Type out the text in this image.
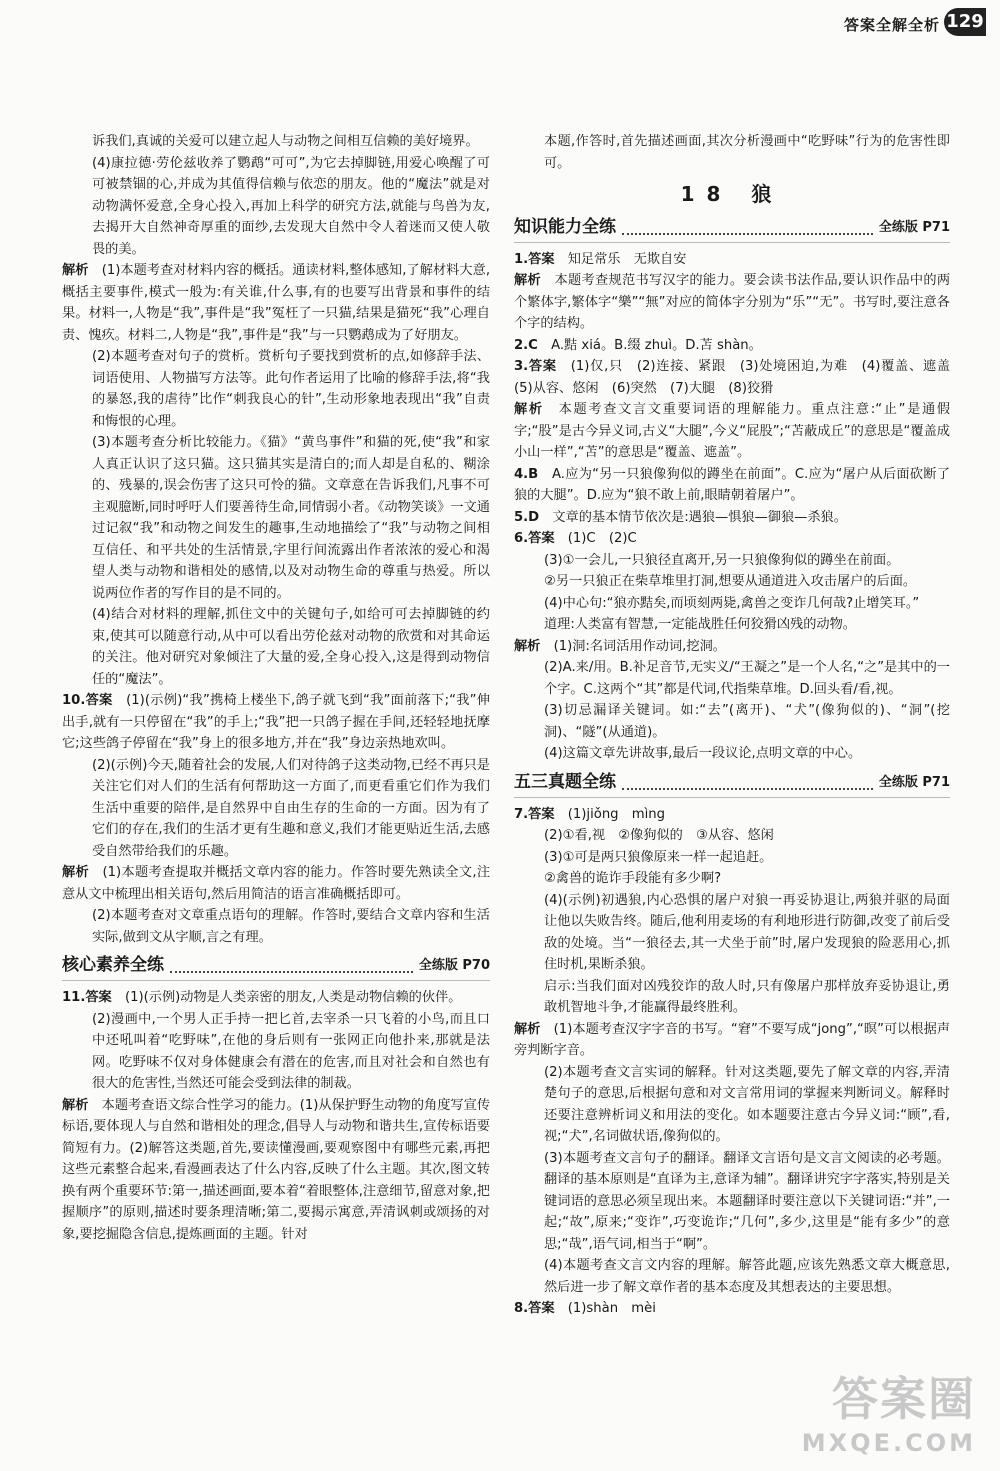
答案全解全析 129

诉我们,真诚的关爱可以建立起人与动物之间相互信赖的美好境界。

(4)康拉德·劳伦兹收养了鹦鹉“可可”,为它去掉脚链,用爱心唤醒了可可被禁锢的心,并成为其值得信赖与依恋的朋友。他的“魔法”就是对动物满怀爱意,全身心投入,再加上科学的研究方法,就能与鸟兽为友,去揭开大自然神奇厚重的面纱,去发现大自然中令人着迷而又使人敬畏的美。

解析　 (1)本题考查对材料内容的概括。通读材料,整体感知,了解材料大意,概括主要事件,模式一般为:有关谁,什么事,有的也要写出背景和事件的结果。材料一,人物是“我”,事件是“我”冤枉了一只猫,结果是猫死“我”心理自责、愧疚。材料二,人物是“我”,事件是“我”与一只鹦鹉成为了好朋友。

(2)本题考查对句子的赏析。赏析句子要找到赏析的点,如修辞手法、词语使用、人物描写方法等。此句作者运用了比喻的修辞手法,将“我的暴怒,我的虐待”比作“刺我良心的针”,生动形象地表现出“我”自责和悔恨的心理。

(3)本题考查分析比较能力。《猫》“黄鸟事件”和猫的死,使“我”和家人真正认识了这只猫。这只猫其实是清白的;而人却是自私的、糊涂的、残暴的,误会伤害了这只可怜的猫。文章意在告诉我们,凡事不可主观臆断,同时呼吁人们要善待生命,同情弱小者。《动物笑谈》一文通过记叙“我”和动物之间发生的趣事,生动地描绘了“我”与动物之间相互信任、和平共处的生活情景,字里行间流露出作者浓浓的爱心和渴望人类与动物和谐相处的感情,以及对动物生命的尊重与热爱。所以说两位作者的写作目的是不同的。

(4)结合对材料的理解,抓住文中的关键句子,如给可可去掉脚链的约束,使其可以随意行动,从中可以看出劳伦兹对动物的欣赏和对其命运的关注。他对研究对象倾注了大量的爱,全身心投入,这是得到动物信任的“魔法”。

10.答案　 (1)(示例)“我”携椅上楼坐下,鸽子就飞到“我”面前落下;“我”伸出手,就有一只停留在“我”的手上;“我”把一只鸽子握在手间,还轻轻地抚摩它;这些鸽子停留在“我”身上的很多地方,并在“我”身边亲热地欢叫。

(2)(示例)今天,随着社会的发展,人们对待鸽子这类动物,已经不再只是关注它们对人们的生活有何帮助这一方面了,而更看重它们作为我们生活中重要的陪伴,是自然界中自由生存的生命的一方面。因为有了它们的存在,我们的生活才更有生趣和意义,我们才能更贴近生活,去感受自然带给我们的乐趣。

解析　 (1)本题考查提取并概括文章内容的能力。作答时要先熟读全文,注意从文中梳理出相关语句,然后用简洁的语言准确概括即可。

(2)本题考查对文章重点语句的理解。作答时,要结合文章内容和生活实际,做到文从字顺,言之有理。

核心素养全练	全练版 P70

11.答案　 (1)(示例)动物是人类亲密的朋友,人类是动物信赖的伙伴。

(2)漫画中,一个男人正手持一把匕首,去宰杀一只飞着的小鸟,而且口中还吼叫着“吃野味”,在他的身后则有一张网正向他扑来,那就是法网。吃野味不仅对身体健康会有潜在的危害,而且对社会和自然也有很大的危害性,当然还可能会受到法律的制裁。

解析　 本题考查语文综合性学习的能力。(1)从保护野生动物的角度写宣传标语,要体现人与自然和谐相处的理念,倡导人与动物和谐共生,宣传标语要简短有力。(2)解答这类题,首先,要读懂漫画,要观察图中有哪些元素,再把这些元素整合起来,看漫画表达了什么内容,反映了什么主题。其次,图文转换有两个重要环节:第一,描述画面,要本着“着眼整体,注意细节,留意对象,把握顺序”的原则,描述时要条理清晰;第二,要揭示寓意,弄清讽刺或颂扬的对象,要挖掘隐含信息,提炼画面的主题。针对

本题,作答时,首先描述画面,其次分析漫画中“吃野味”行为的危害性即可。

18 狼
知识能力全练	全练版 P71

1.答案　 知足常乐　无欺自安

解析　 本题考查规范书写汉字的能力。要会读书法作品,要认识作品中的两个繁体字,繁体字“樂”“無”对应的简体字分别为“乐”“无”。书写时,要注意各个字的结构。

2.C　 A.黠 xiá。B.缀 zhuì。D.苫 shàn。

3.答案　 (1)仅,只　(2)连接、紧跟　(3)处境困迫,为难　(4)覆盖、遮盖　(5)从容、悠闲　(6)突然　(7)大腿　(8)狡猾

解析　 本题考查文言文重要词语的理解能力。重点注意:“止”是通假字;“股”是古今异义词,古义“大腿”,今义“屁股”;“苫蔽成丘”的意思是“覆盖成小山一样”,“苫”的意思是“覆盖、遮盖”。

4.B　 A.应为“另一只狼像狗似的蹲坐在前面”。C.应为“屠户从后面砍断了狼的大腿”。D.应为“狼不敢上前,眼睛朝着屠户”。

5.D　 文章的基本情节依次是:遇狼—惧狼—御狼—杀狼。

6.答案　 (1)C　(2)C

(3)①一会儿,一只狼径直离开,另一只狼像狗似的蹲坐在前面。

②另一只狼正在柴草堆里打洞,想要从通道进入攻击屠户的后面。

(4)中心句:“狼亦黠矣,而顷刻两毙,禽兽之变诈几何哉?止增笑耳。”

道理:人类富有智慧,一定能战胜任何狡猾凶残的动物。

解析　 (1)洞:名词活用作动词,挖洞。

(2)A.来/用。B.补足音节,无实义/“王凝之”是一个人名,“之”是其中的一个字。C.这两个“其”都是代词,代指柴草堆。D.回头看/看,视。

(3)切忌漏译关键词。如:“去”(离开)、“犬”(像狗似的)、“洞”(挖洞)、“隧”(从通道)。

(4)这篇文章先讲故事,最后一段议论,点明文章的中心。

五三真题全练	全练版 P71

7.答案　 (1)jiǒng　mìng

(2)①看,视　②像狗似的　③从容、悠闲

(3)①可是两只狼像原来一样一起追赶。

②禽兽的诡诈手段能有多少啊?

(4)(示例)初遇狼,内心恐惧的屠户对狼一再妥协退让,两狼并驱的局面让他以失败告终。随后,他利用麦场的有利地形进行防御,改变了前后受敌的处境。当“一狼径去,其一犬坐于前”时,屠户发现狼的险恶用心,抓住时机,果断杀狼。

启示:当我们面对凶残狡诈的敌人时,只有像屠户那样放弃妥协退让,勇敢机智地斗争,才能赢得最终胜利。

解析　 (1)本题考查汉字字音的书写。“窘”不要写成“jong”,“暝”可以根据声旁判断字音。

(2)本题考查文言实词的解释。针对这类题,要先了解文章的内容,弄清楚句子的意思,后根据句意和对文言常用词的掌握来判断词义。解释时还要注意辨析词义和用法的变化。如本题要注意古今异义词:“顾”,看,视;“犬”,名词做状语,像狗似的。

(3)本题考查文言句子的翻译。翻译文言语句是文言文阅读的必考题。翻译的基本原则是“直译为主,意译为辅”。翻译讲究字字落实,特别是关键词语的意思必须呈现出来。本题翻译时要注意以下关键词语:“并”,一起;“故”,原来;“变诈”,巧变诡诈;“几何”,多少,这里是“能有多少”的意思;“哉”,语气词,相当于“啊”。

(4)本题考查文言文内容的理解。解答此题,应该先熟悉文章大概意思,然后进一步了解文章作者的基本态度及其想表达的主要思想。

8.答案　 (1)shàn　mèi

答案圈
MXQE.COM
